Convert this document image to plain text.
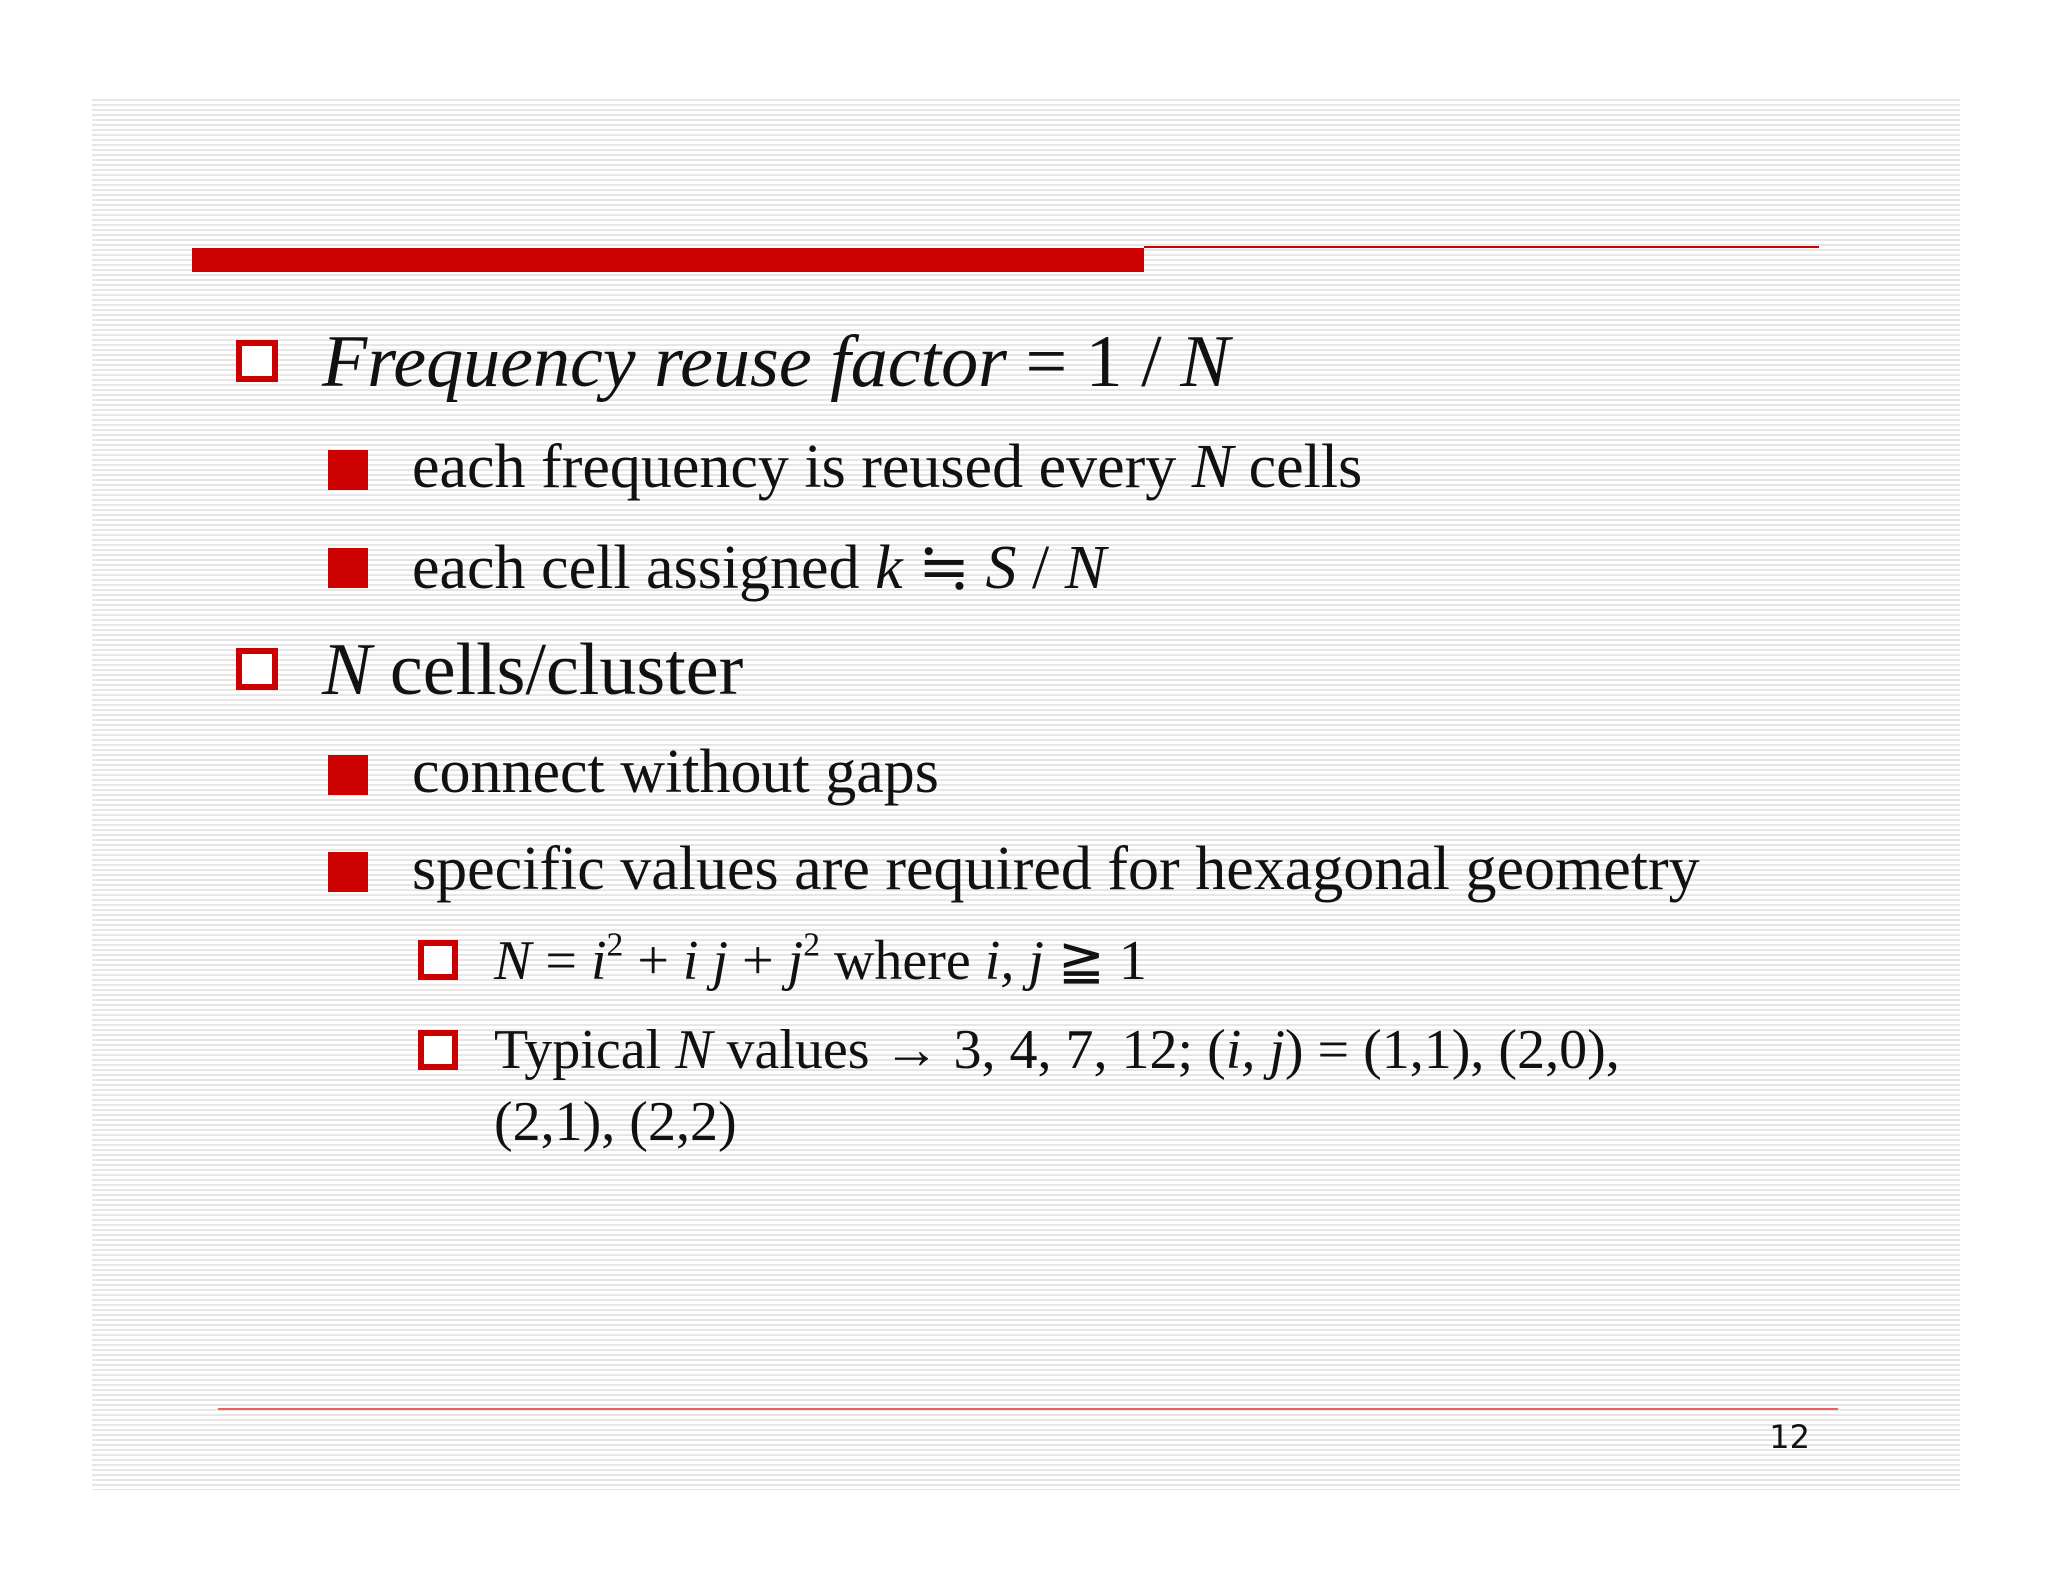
12
Frequency reuse factor = 1 / N
each frequency is reused every N cells
each cell assigned k ≒ S / N
N cells/cluster
connect without gaps
specific values are required for hexagonal geometry
$N = i^2 + i$ $j + j^2$ where i, j ≧ 1
Typical N values → 3, 4, 7, 12; (i, j) = (1,1), (2,0),
(2,1), (2,2)
